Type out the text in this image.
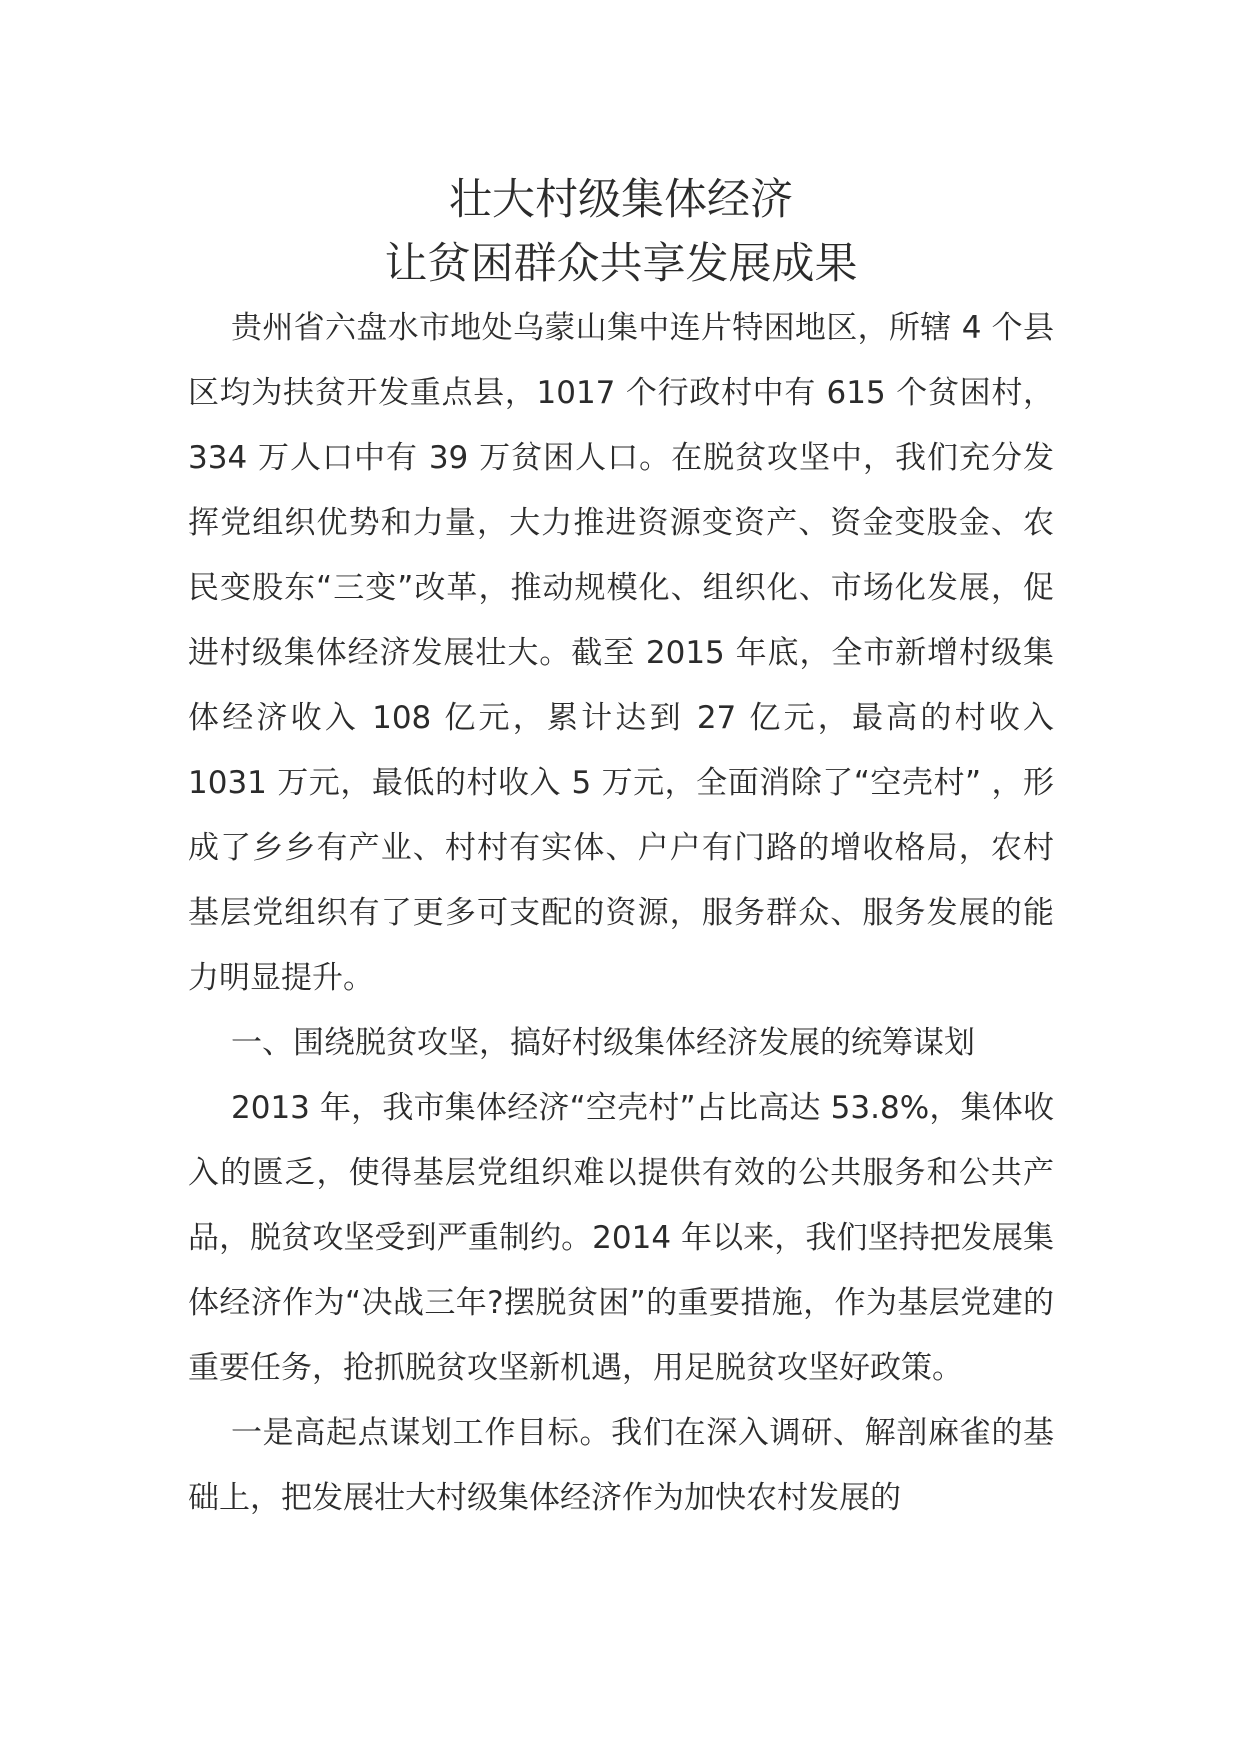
壮大村级集体经济
让贫困群众共享发展成果

贵州省六盘水市地处乌蒙山集中连片特困地区，所辖 4 个县区均为扶贫开发重点县，1017 个行政村中有 615 个贫困村，334 万人口中有 39 万贫困人口。在脱贫攻坚中，我们充分发挥党组织优势和力量，大力推进资源变资产、资金变股金、农民变股东“三变”改革，推动规模化、组织化、市场化发展，促进村级集体经济发展壮大。截至 2015 年底，全市新增村级集体经济收入 108 亿元，累计达到 27 亿元，最高的村收入 1031 万元，最低的村收入 5 万元，全面消除了“空壳村” ，形成了乡乡有产业、村村有实体、户户有门路的增收格局，农村基层党组织有了更多可支配的资源，服务群众、服务发展的能力明显提升。

一、围绕脱贫攻坚，搞好村级集体经济发展的统筹谋划

2013 年，我市集体经济“空壳村”占比高达 53.8%，集体收入的匮乏，使得基层党组织难以提供有效的公共服务和公共产品，脱贫攻坚受到严重制约。2014 年以来，我们坚持把发展集体经济作为“决战三年?摆脱贫困”的重要措施，作为基层党建的重要任务，抢抓脱贫攻坚新机遇，用足脱贫攻坚好政策。

一是高起点谋划工作目标。我们在深入调研、解剖麻雀的基础上，把发展壮大村级集体经济作为加快农村发展的
